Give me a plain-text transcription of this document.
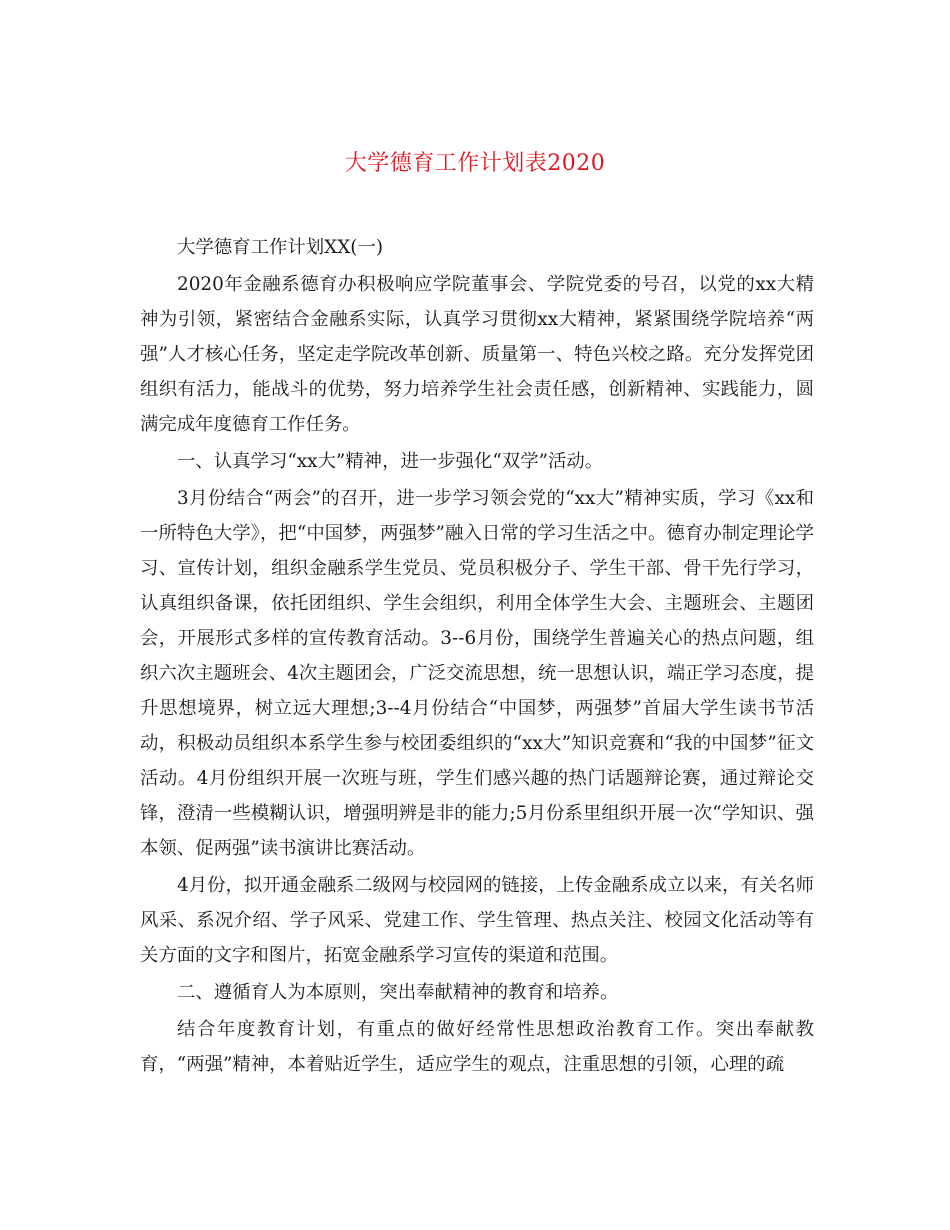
大学德育工作计划表2020

大学德育工作计划XX(一)

2020年金融系德育办积极响应学院董事会、学院党委的号召，以党的xx大精神为引领，紧密结合金融系实际，认真学习贯彻xx大精神，紧紧围绕学院培养“两强”人才核心任务，坚定走学院改革创新、质量第一、特色兴校之路。充分发挥党团组织有活力，能战斗的优势，努力培养学生社会责任感，创新精神、实践能力，圆满完成年度德育工作任务。

一、认真学习“xx大”精神，进一步强化“双学”活动。

3月份结合“两会”的召开，进一步学习领会党的“xx大”精神实质，学习《xx和一所特色大学》，把“中国梦，两强梦”融入日常的学习生活之中。德育办制定理论学习、宣传计划，组织金融系学生党员、党员积极分子、学生干部、骨干先行学习，认真组织备课，依托团组织、学生会组织，利用全体学生大会、主题班会、主题团会，开展形式多样的宣传教育活动。3--6月份，围绕学生普遍关心的热点问题，组织六次主题班会、4次主题团会，广泛交流思想，统一思想认识，端正学习态度，提升思想境界，树立远大理想;3--4月份结合“中国梦，两强梦”首届大学生读书节活动，积极动员组织本系学生参与校团委组织的“xx大”知识竞赛和“我的中国梦”征文活动。4月份组织开展一次班与班，学生们感兴趣的热门话题辩论赛，通过辩论交锋，澄清一些模糊认识，增强明辨是非的能力;5月份系里组织开展一次“学知识、强本领、促两强”读书演讲比赛活动。

4月份，拟开通金融系二级网与校园网的链接，上传金融系成立以来，有关名师风采、系况介绍、学子风采、党建工作、学生管理、热点关注、校园文化活动等有关方面的文字和图片，拓宽金融系学习宣传的渠道和范围。

二、遵循育人为本原则，突出奉献精神的教育和培养。

结合年度教育计划，有重点的做好经常性思想政治教育工作。突出奉献教育，“两强”精神，本着贴近学生，适应学生的观点，注重思想的引领，心理的疏
